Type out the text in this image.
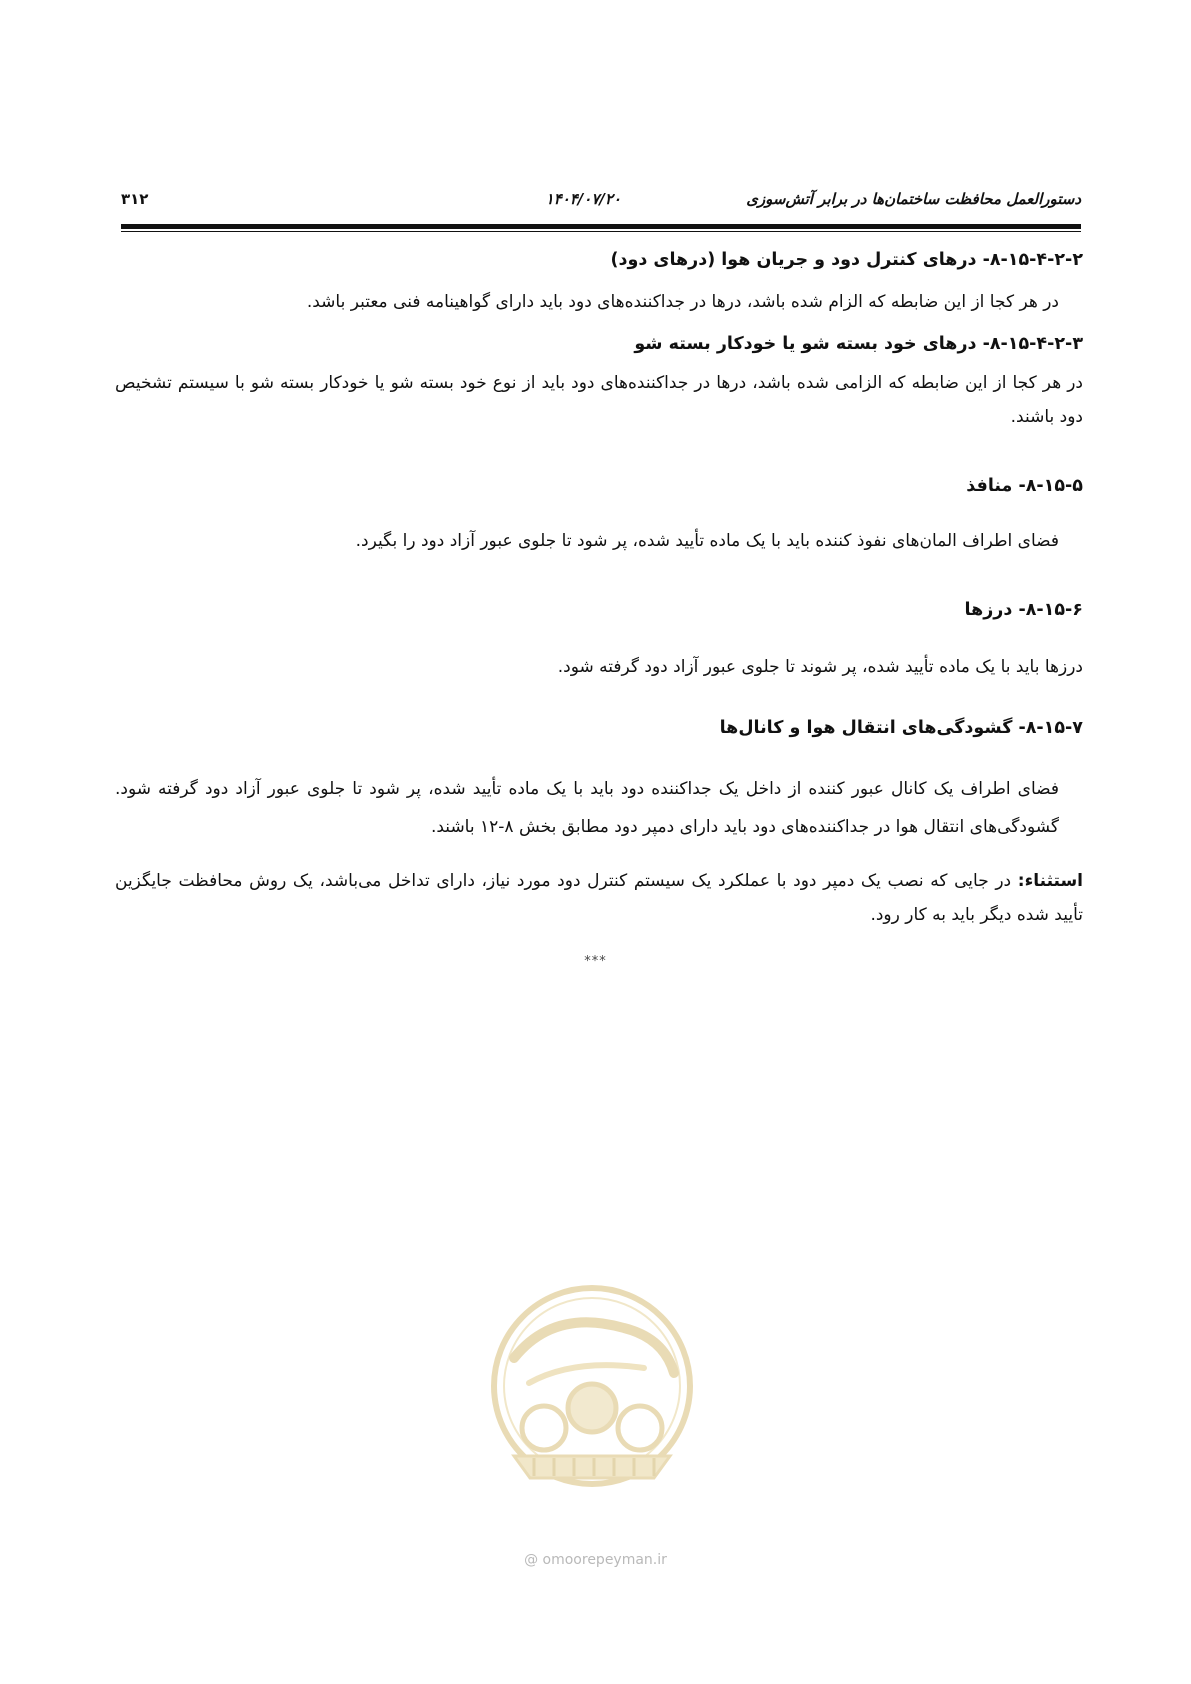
دستورالعمل محافظت ساختمان‌ها در برابر آتش‌سوزی
۱۴۰۴/۰۷/۲۰
۳۱۲
۸-۱۵-۴-۲-۲- درهای کنترل دود و جریان هوا (درهای دود)
در هر کجا از این ضابطه که الزام شده باشد، درها در جداکننده‌های دود باید دارای گواهینامه فنی معتبر باشد.
۸-۱۵-۴-۲-۳- درهای خود بسته شو یا خودکار بسته شو
در هر کجا از این ضابطه که الزامی شده باشد، درها در جداکننده‌های دود باید از نوع خود بسته شو یا خودکار بسته شو با سیستم تشخیص دود باشند.
۸-۱۵-۵- منافذ
فضای اطراف المان‌های نفوذ کننده باید با یک ماده تأیید شده، پر شود تا جلوی عبور آزاد دود را بگیرد.
۸-۱۵-۶- درزها
درزها باید با یک ماده تأیید شده، پر شوند تا جلوی عبور آزاد دود گرفته شود.
۸-۱۵-۷- گشودگی‌های انتقال هوا و کانال‌ها
فضای اطراف یک کانال عبور کننده از داخل یک جداکننده دود باید با یک ماده تأیید شده، پر شود تا جلوی عبور آزاد دود گرفته شود. گشودگی‌های انتقال هوا در جداکننده‌های دود باید دارای دمپر دود مطابق بخش ۸-۱۲ باشند.
استثناء: در جایی که نصب یک دمپر دود با عملکرد یک سیستم کنترل دود مورد نیاز، دارای تداخل می‌باشد، یک روش محافظت جایگزین تأیید شده دیگر باید به کار رود.
***
@ omoorepeyman.ir
